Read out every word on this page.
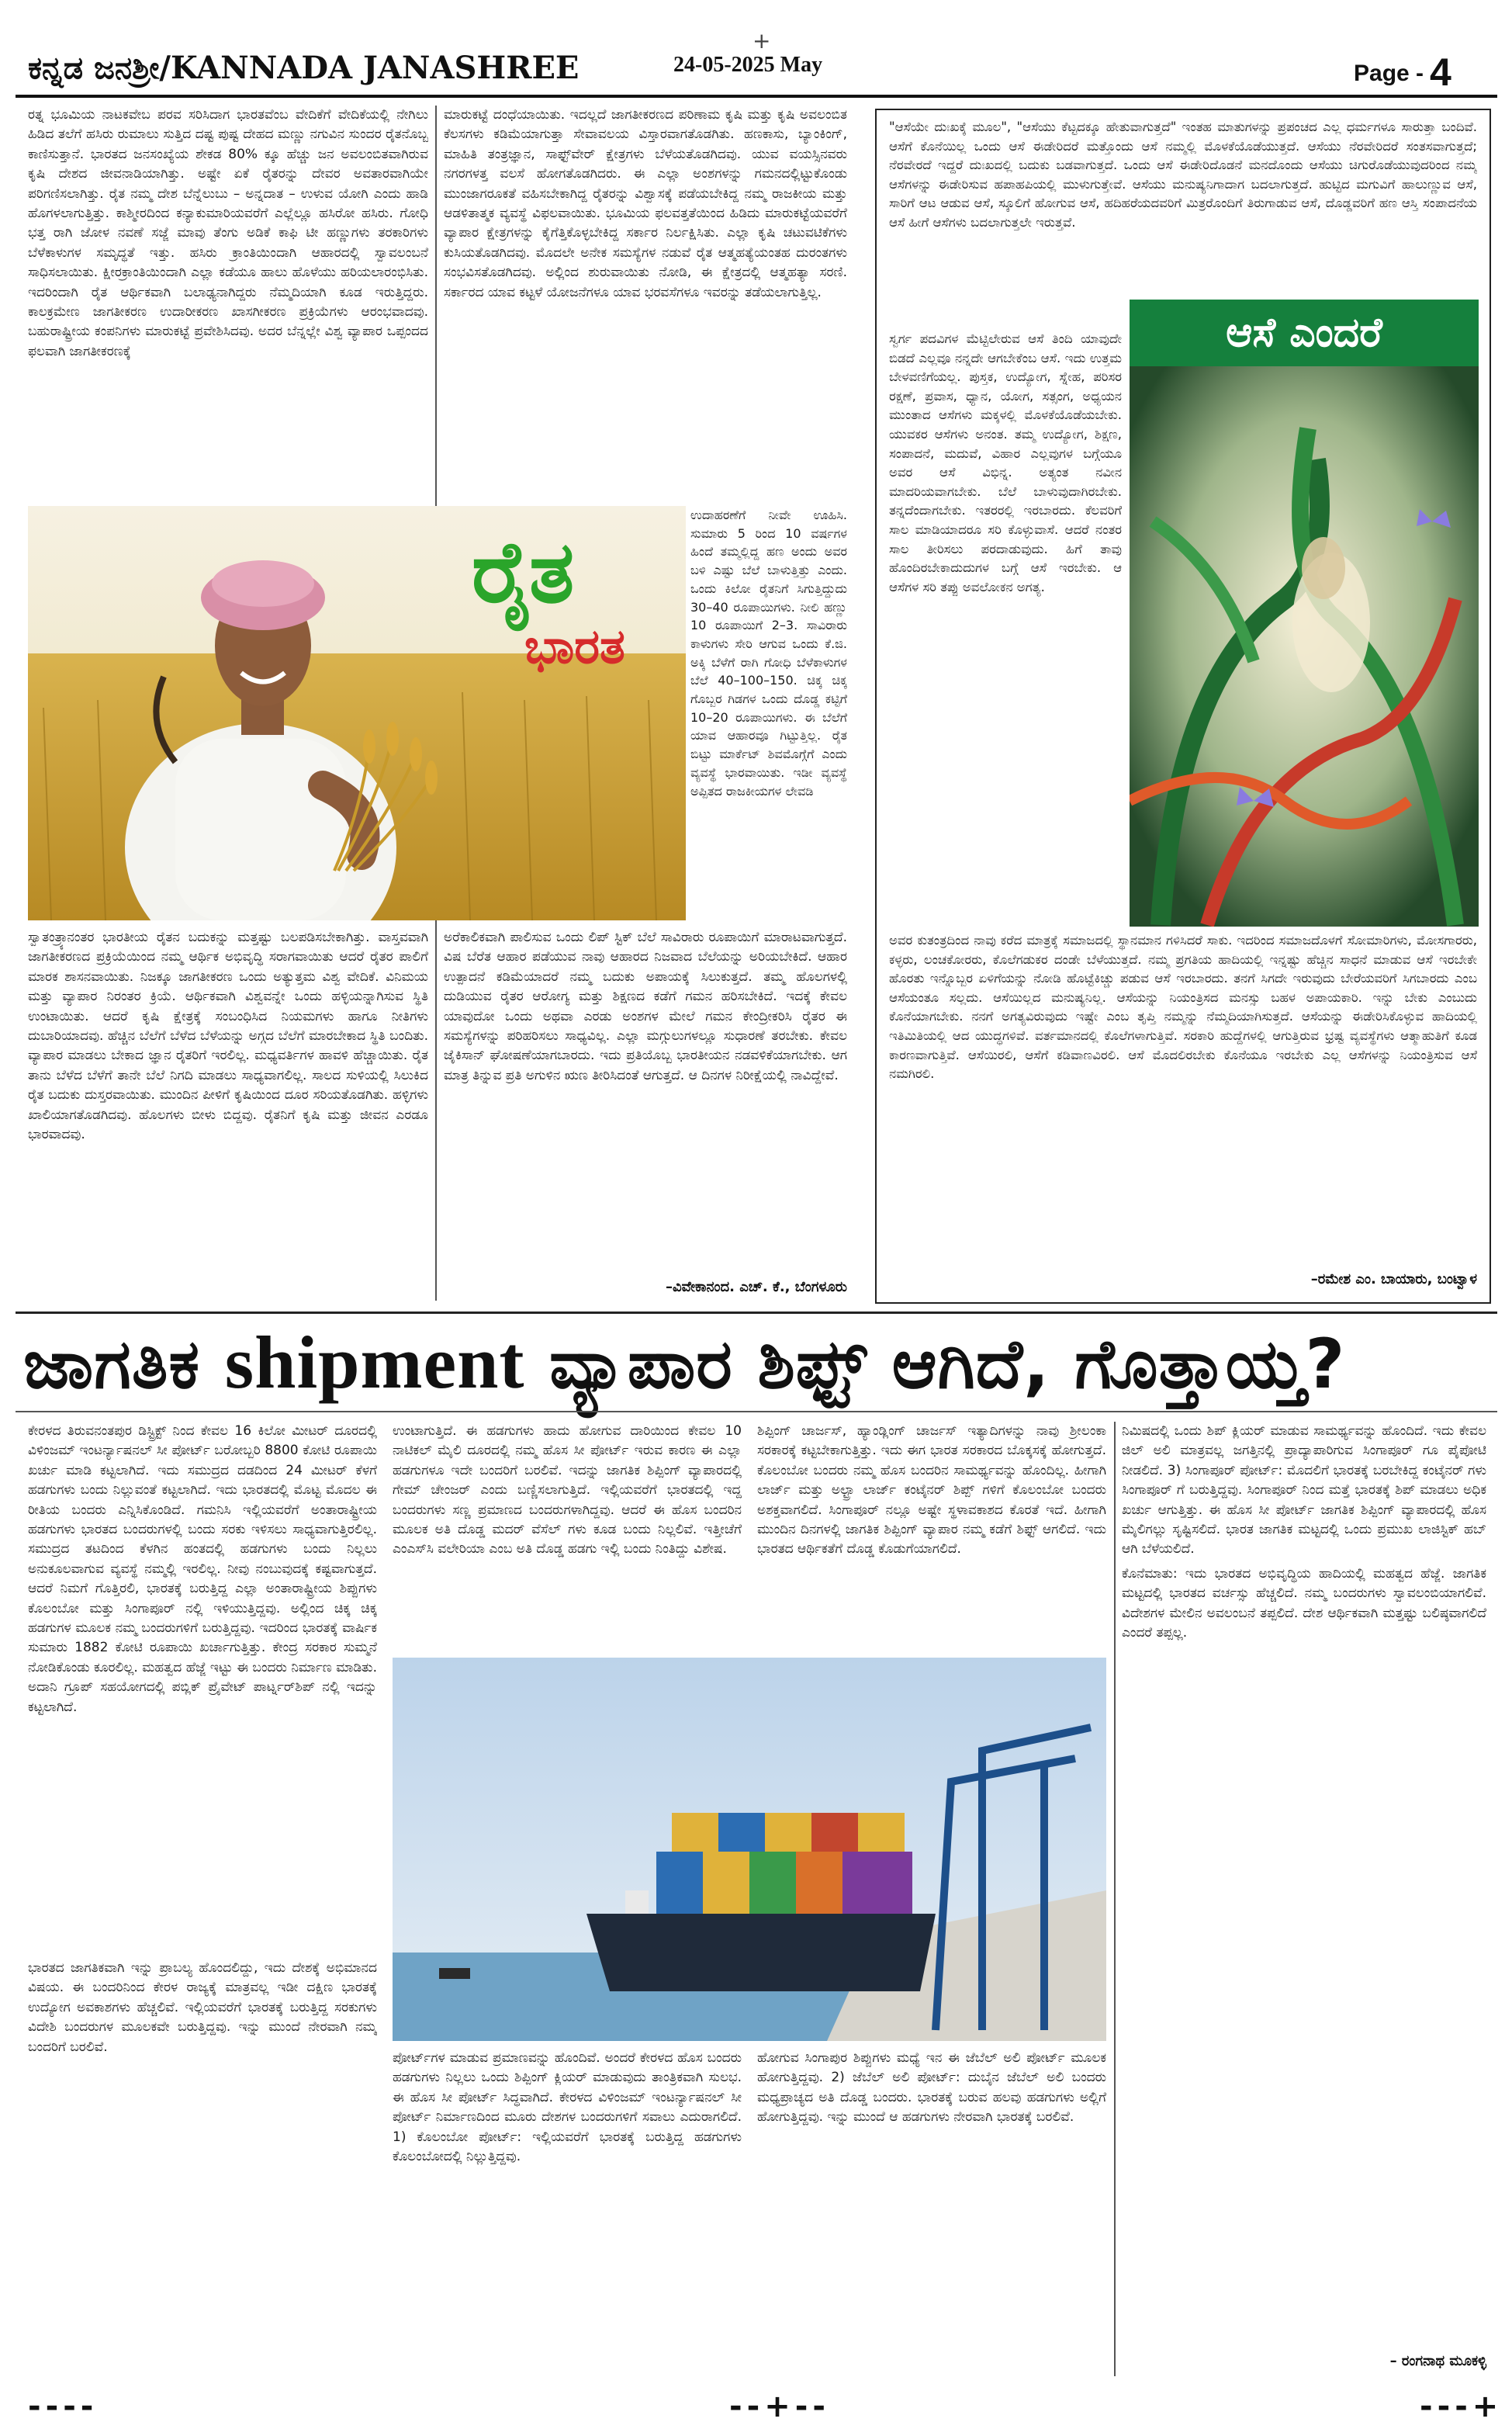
+
ಕನ್ನಡ ಜನಶ್ರೀ/KANNADA JANASHREE	24-05-2025 May	Page - 4

ರತ್ನ ಭೂಮಿಯ ನಾಟಕವೇಬ ಪರವ ಸರಿಸಿದಾಗ ಭಾರತವೆಂಬ ವೇದಿಕೆಗೆ ವೇದಿಕೆಯಲ್ಲಿ ನೇಗಿಲು ಹಿಡಿದ ತಲೆಗೆ ಹಸಿರು ರುಮಾಲು ಸುತ್ತಿದ ದಷ್ಟ ಪುಷ್ಟ ದೇಹದ ಮಣ್ಣು ನಗುವಿನ ಸುಂದರ ರೈತನೊಬ್ಬ ಕಾಣಿಸುತ್ತಾನೆ. ಭಾರತದ ಜನಸಂಖ್ಯೆಯ ಶೇಕಡ 80% ಕ್ಕೂ ಹೆಚ್ಚು ಜನ ಅವಲಂಬಿತವಾಗಿರುವ ಕೃಷಿ ದೇಶದ ಜೀವನಾಡಿಯಾಗಿತ್ತು. ಅಷ್ಟೇ ಏಕೆ ರೈತರನ್ನು ದೇವರ ಅವತಾರವಾಗಿಯೇ ಪರಿಗಣಿಸಲಾಗಿತ್ತು. ರೈತ ನಮ್ಮ ದೇಶ ಬೆನ್ನೆಲುಬು – ಅನ್ನದಾತ – ಉಳುವ ಯೋಗಿ ಎಂದು ಹಾಡಿ ಹೊಗಳಲಾಗುತ್ತಿತ್ತು. ಕಾಶ್ಮೀರದಿಂದ ಕನ್ಯಾಕುಮಾರಿಯವರೆಗೆ ಎಲ್ಲೆಲ್ಲೂ ಹಸಿರೋ ಹಸಿರು. ಗೋಧಿ ಭತ್ತ ರಾಗಿ ಜೋಳ ನವಣೆ ಸಜ್ಜೆ ಮಾವು ತೆಂಗು ಅಡಿಕೆ ಕಾಫಿ ಟೀ ಹಣ್ಣುಗಳು ತರಕಾರಿಗಳು ಬೆಳೆಕಾಳುಗಳ ಸಮೃದ್ಧತೆ ಇತ್ತು. ಹಸಿರು ಕ್ರಾಂತಿಯಿಂದಾಗಿ ಆಹಾರದಲ್ಲಿ ಸ್ವಾವಲಂಬನೆ ಸಾಧಿಸಲಾಯಿತು. ಕ್ಷೀರಕ್ರಾಂತಿಯಿಂದಾಗಿ ಎಲ್ಲಾ ಕಡೆಯೂ ಹಾಲು ಹೊಳೆಯು ಹರಿಯಲಾರಂಭಿಸಿತು. ಇದರಿಂದಾಗಿ ರೈತ ಆರ್ಥಿಕವಾಗಿ ಬಲಾಢ್ಯನಾಗಿದ್ದರು ನೆಮ್ಮದಿಯಾಗಿ ಕೂಡ ಇರುತ್ತಿದ್ದರು. ಕಾಲಕ್ರಮೇಣ ಜಾಗತೀಕರಣ ಉದಾರೀಕರಣ ಖಾಸಗೀಕರಣ ಪ್ರಕ್ರಿಯೆಗಳು ಆರಂಭವಾದವು. ಬಹುರಾಷ್ಟ್ರೀಯ ಕಂಪನಿಗಳು ಮಾರುಕಟ್ಟೆ ಪ್ರವೇಶಿಸಿದವು. ಅದರ ಬೆನ್ನಲ್ಲೇ ವಿಶ್ವ ವ್ಯಾಪಾರ ಒಪ್ಪಂದದ ಫಲವಾಗಿ ಜಾಗತೀಕರಣಕ್ಕೆ

ಮಾರುಕಟ್ಟೆ ದಂಧೆಯಾಯಿತು. ಇದಲ್ಲದೆ ಜಾಗತೀಕರಣದ ಪರಿಣಾಮ ಕೃಷಿ ಮತ್ತು ಕೃಷಿ ಅವಲಂಬಿತ ಕೆಲಸಗಳು ಕಡಿಮೆಯಾಗುತ್ತಾ ಸೇವಾವಲಯ ವಿಸ್ತಾರವಾಗತೊಡಗಿತು. ಹಣಕಾಸು, ಬ್ಯಾಂಕಿಂಗ್, ಮಾಹಿತಿ ತಂತ್ರಜ್ಞಾನ, ಸಾಫ್ಟ್‌ವೇರ್ ಕ್ಷೇತ್ರಗಳು ಬೆಳೆಯತೊಡಗಿದವು. ಯುವ ವಯಸ್ಸಿನವರು ನಗರಗಳತ್ತ ವಲಸೆ ಹೋಗತೊಡಗಿದರು. ಈ ಎಲ್ಲಾ ಅಂಶಗಳನ್ನು ಗಮನದಲ್ಲಿಟ್ಟುಕೊಂಡು ಮುಂಜಾಗರೂಕತೆ ವಹಿಸಬೇಕಾಗಿದ್ದ ರೈತರನ್ನು ವಿಶ್ವಾಸಕ್ಕೆ ಪಡೆಯಬೇಕಿದ್ದ ನಮ್ಮ ರಾಜಕೀಯ ಮತ್ತು ಆಡಳಿತಾತ್ಮಕ ವ್ಯವಸ್ಥೆ ವಿಫಲವಾಯಿತು. ಭೂಮಿಯ ಫಲವತ್ತತೆಯಿಂದ ಹಿಡಿದು ಮಾರುಕಟ್ಟೆಯವರೆಗೆ ವ್ಯಾಪಾರ ಕ್ಷೇತ್ರಗಳನ್ನು ಕೈಗೆತ್ತಿಕೊಳ್ಳಬೇಕಿದ್ದ ಸರ್ಕಾರ ನಿರ್ಲಕ್ಷಿಸಿತು. ಎಲ್ಲಾ ಕೃಷಿ ಚಟುವಟಿಕೆಗಳು ಕುಸಿಯತೊಡಗಿದವು. ಮೊದಲೇ ಅನೇಕ ಸಮಸ್ಯೆಗಳ ನಡುವೆ ರೈತ ಆತ್ಮಹತ್ಯೆಯಂತಹ ದುರಂತಗಳು ಸಂಭವಿಸತೊಡಗಿದವು. ಅಲ್ಲಿಂದ ಶುರುವಾಯಿತು ನೋಡಿ, ಈ ಕ್ಷೇತ್ರದಲ್ಲಿ ಆತ್ಮಹತ್ಯಾ ಸರಣಿ. ಸರ್ಕಾರದ ಯಾವ ಕಟ್ಟಳೆ ಯೋಜನೆಗಳೂ ಯಾವ ಭರವಸೆಗಳೂ ಇವರನ್ನು ತಡೆಯಲಾಗುತ್ತಿಲ್ಲ.

ರೈತ
ಭಾರತ

ಉದಾಹರಣೆಗೆ ನೀವೇ ಊಹಿಸಿ. ಸುಮಾರು 5 ರಿಂದ 10 ವರ್ಷಗಳ ಹಿಂದೆ ತಮ್ಮಲ್ಲಿದ್ದ ಹಣ ಅಂದು ಅವರ ಬಳಿ ಎಷ್ಟು ಬೆಲೆ ಬಾಳುತ್ತಿತ್ತು ಎಂದು. ಒಂದು ಕಿಲೋ ರೈತನಿಗೆ ಸಿಗುತ್ತಿದ್ದುದು 30–40 ರೂಪಾಯಿಗಳು. ನೀಲಿ ಹಣ್ಣು 10 ರೂಪಾಯಿಗೆ 2–3. ಸಾವಿರಾರು ಕಾಳುಗಳು ಸೇರಿ ಆಗುವ ಒಂದು ಕೆ.ಜಿ. ಅಕ್ಕಿ ಬೆಳೆಗೆ ರಾಗಿ ಗೋಧಿ ಬೆಳೆಕಾಳುಗಳ ಬೆಲೆ 40–100–150. ಚಿಕ್ಕ ಚಿಕ್ಕ ಗೊಬ್ಬರ ಗಿಡಗಳ ಒಂದು ದೊಡ್ಡ ಕಟ್ಟಿಗೆ 10–20 ರೂಪಾಯಿಗಳು. ಈ ಬೆಲೆಗೆ ಯಾವ ಆಹಾರವೂ ಗಿಟ್ಟುತ್ತಿಲ್ಲ. ರೈತ ಬಿಟ್ಟು ಮಾರ್ಕೆಟ್ ಶಿವಮೊಗ್ಗೆಗೆ ಎಂದು ವ್ಯವಸ್ಥೆ ಭಾರವಾಯಿತು. ಇಡೀ ವ್ಯವಸ್ಥೆ ಅಪ್ಪಿತದ ರಾಜಕೀಯಗಳ ಲೇವಡಿ

ಸ್ವಾತಂತ್ರ್ಯಾನಂತರ ಭಾರತೀಯ ರೈತನ ಬದುಕನ್ನು ಮತ್ತಷ್ಟು ಬಲಪಡಿಸಬೇಕಾಗಿತ್ತು. ವಾಸ್ತವವಾಗಿ ಜಾಗತೀಕರಣದ ಪ್ರಕ್ರಿಯೆಯಿಂದ ನಮ್ಮ ಆರ್ಥಿಕ ಅಭಿವೃದ್ಧಿ ಸರಾಗವಾಯಿತು ಆದರೆ ರೈತರ ಪಾಲಿಗೆ ಮಾರಕ ಶಾಸನವಾಯಿತು. ನಿಜಕ್ಕೂ ಜಾಗತೀಕರಣ ಒಂದು ಅತ್ಯುತ್ತಮ ವಿಶ್ವ ವೇದಿಕೆ. ವಿನಿಮಯ ಮತ್ತು ವ್ಯಾಪಾರ ನಿರಂತರ ಕ್ರಿಯೆ. ಆರ್ಥಿಕವಾಗಿ ವಿಶ್ವವನ್ನೇ ಒಂದು ಹಳ್ಳಿಯನ್ನಾಗಿಸುವ ಸ್ಥಿತಿ ಉಂಟಾಯಿತು. ಆದರೆ ಕೃಷಿ ಕ್ಷೇತ್ರಕ್ಕೆ ಸಂಬಂಧಿಸಿದ ನಿಯಮಗಳು ಹಾಗೂ ನೀತಿಗಳು ದುಬಾರಿಯಾದವು. ಹೆಚ್ಚಿನ ಬೆಲೆಗೆ ಬೆಳೆದ ಬೆಳೆಯನ್ನು ಅಗ್ಗದ ಬೆಲೆಗೆ ಮಾರಬೇಕಾದ ಸ್ಥಿತಿ ಬಂದಿತು. ವ್ಯಾಪಾರ ಮಾಡಲು ಬೇಕಾದ ಜ್ಞಾನ ರೈತರಿಗೆ ಇರಲಿಲ್ಲ. ಮಧ್ಯವರ್ತಿಗಳ ಹಾವಳಿ ಹೆಚ್ಚಾಯಿತು. ರೈತ ತಾನು ಬೆಳೆದ ಬೆಳೆಗೆ ತಾನೇ ಬೆಲೆ ನಿಗದಿ ಮಾಡಲು ಸಾಧ್ಯವಾಗಲಿಲ್ಲ. ಸಾಲದ ಸುಳಿಯಲ್ಲಿ ಸಿಲುಕಿದ ರೈತ ಬದುಕು ದುಸ್ತರವಾಯಿತು. ಮುಂದಿನ ಪೀಳಿಗೆ ಕೃಷಿಯಿಂದ ದೂರ ಸರಿಯತೊಡಗಿತು. ಹಳ್ಳಿಗಳು ಖಾಲಿಯಾಗತೊಡಗಿದವು. ಹೊಲಗಳು ಬೀಳು ಬಿದ್ದವು. ರೈತನಿಗೆ ಕೃಷಿ ಮತ್ತು ಜೀವನ ಎರಡೂ ಭಾರವಾದವು.

ಅರೆಕಾಲಿಕವಾಗಿ ಪಾಲಿಸುವ ಒಂದು ಲಿಪ್ ಸ್ಟಿಕ್ ಬೆಲೆ ಸಾವಿರಾರು ರೂಪಾಯಿಗೆ ಮಾರಾಟವಾಗುತ್ತದೆ. ವಿಷ ಬೆರೆತ ಆಹಾರ ಪಡೆಯುವ ನಾವು ಆಹಾರದ ನಿಜವಾದ ಬೆಲೆಯನ್ನು ಅರಿಯಬೇಕಿದೆ. ಆಹಾರ ಉತ್ಪಾದನೆ ಕಡಿಮೆಯಾದರೆ ನಮ್ಮ ಬದುಕು ಅಪಾಯಕ್ಕೆ ಸಿಲುಕುತ್ತದೆ. ತಮ್ಮ ಹೊಲಗಳಲ್ಲಿ ದುಡಿಯುವ ರೈತರ ಆರೋಗ್ಯ ಮತ್ತು ಶಿಕ್ಷಣದ ಕಡೆಗೆ ಗಮನ ಹರಿಸಬೇಕಿದೆ. ಇದಕ್ಕೆ ಕೇವಲ ಯಾವುದೋ ಒಂದು ಅಥವಾ ಎರಡು ಅಂಶಗಳ ಮೇಲೆ ಗಮನ ಕೇಂದ್ರೀಕರಿಸಿ ರೈತರ ಈ ಸಮಸ್ಯೆಗಳನ್ನು ಪರಿಹರಿಸಲು ಸಾಧ್ಯವಿಲ್ಲ. ಎಲ್ಲಾ ಮಗ್ಗುಲುಗಳಲ್ಲೂ ಸುಧಾರಣೆ ತರಬೇಕು. ಕೇವಲ ಜೈಕಿಸಾನ್ ಘೋಷಣೆಯಾಗಬಾರದು. ಇದು ಪ್ರತಿಯೊಬ್ಬ ಭಾರತೀಯನ ನಡವಳಿಕೆಯಾಗಬೇಕು. ಆಗ ಮಾತ್ರ ತಿನ್ನುವ ಪ್ರತಿ ಅಗುಳಿನ ಋಣ ತೀರಿಸಿದಂತೆ ಆಗುತ್ತದೆ. ಆ ದಿನಗಳ ನಿರೀಕ್ಷೆಯಲ್ಲಿ ನಾವಿದ್ದೇವೆ.

–ವಿವೇಕಾನಂದ. ಎಚ್. ಕೆ., ಬೆಂಗಳೂರು

"ಆಸೆಯೇ ದುಃಖಕ್ಕೆ ಮೂಲ", "ಆಸೆಯು ಕೆಟ್ಟದಕ್ಕೂ ಹೇತುವಾಗುತ್ತದೆ" ಇಂತಹ ಮಾತುಗಳನ್ನು ಪ್ರಪಂಚದ ಎಲ್ಲ ಧರ್ಮಗಳೂ ಸಾರುತ್ತಾ ಬಂದಿವೆ. ಆಸೆಗೆ ಕೊನೆಯಿಲ್ಲ ಒಂದು ಆಸೆ ಈಡೇರಿದರೆ ಮತ್ತೊಂದು ಆಸೆ ನಮ್ಮಲ್ಲಿ ಮೊಳಕೆಯೊಡೆಯುತ್ತದೆ. ಆಸೆಯು ನೆರವೇರಿದರೆ ಸಂತಸವಾಗುತ್ತದೆ; ನೆರವೇರದೆ ಇದ್ದರೆ ದುಃಖದಲ್ಲಿ ಬದುಕು ಬಡವಾಗುತ್ತದೆ. ಒಂದು ಆಸೆ ಈಡೇರಿದೊಡನೆ ಮನದೊಂದು ಆಸೆಯು ಚಿಗುರೊಡೆಯುವುದರಿಂದ ನಮ್ಮ ಆಸೆಗಳನ್ನು ಈಡೇರಿಸುವ ಹಪಾಹಪಿಯಲ್ಲಿ ಮುಳುಗುತ್ತೇವೆ. ಆಸೆಯು ಮನುಷ್ಯನಿಗಾದಾಗ ಬದಲಾಗುತ್ತದೆ. ಹುಟ್ಟಿದ ಮಗುವಿಗೆ ಹಾಲುಣ್ಣುವ ಆಸೆ, ಸಾರಿಗೆ ಆಟ ಆಡುವ ಆಸೆ, ಸ್ಕೂಲಿಗೆ ಹೋಗುವ ಆಸೆ, ಹದಿಹರೆಯದವರಿಗೆ ಮಿತ್ರರೊಂದಿಗೆ ತಿರುಗಾಡುವ ಆಸೆ, ದೊಡ್ಡವರಿಗೆ ಹಣ ಆಸ್ತಿ ಸಂಪಾದನೆಯ ಆಸೆ ಹೀಗೆ ಆಸೆಗಳು ಬದಲಾಗುತ್ತಲೇ ಇರುತ್ತವೆ.

ಸ್ವರ್ಗ ಪದವಿಗಳ ಮೆಟ್ಟಿಲೇರುವ ಆಸೆ ತಿಂದಿ ಯಾವುದೇ ಬಿಡದೆ ಎಲ್ಲವೂ ನನ್ನದೇ ಆಗಬೇಕೆಂಬ ಆಸೆ. ಇದು ಉತ್ತಮ ಬೇಳವಣಿಗೆಯಲ್ಲ. ಪುಸ್ತಕ, ಉದ್ಯೋಗ, ಸ್ನೇಹ, ಪರಿಸರ ರಕ್ಷಣೆ, ಪ್ರವಾಸ, ಧ್ಯಾನ, ಯೋಗ, ಸತ್ಸಂಗ, ಅಧ್ಯಯನ ಮುಂತಾದ ಆಸೆಗಳು ಮಕ್ಕಳಲ್ಲಿ ಮೊಳಕೆಯೊಡೆಯಬೇಕು. ಯುವಕರ ಆಸೆಗಳು ಅನಂತ. ತಮ್ಮ ಉದ್ಯೋಗ, ಶಿಕ್ಷಣ, ಸಂಪಾದನೆ, ಮದುವೆ, ವಿಹಾರ ಎಲ್ಲವುಗಳ ಬಗ್ಗೆಯೂ ಅವರ ಆಸೆ ವಿಭಿನ್ನ. ಅತ್ಯಂತ ನವೀನ ಮಾದರಿಯವಾಗಬೇಕು. ಬೆಲೆ ಬಾಳುವುದಾಗಿರಬೇಕು. ತನ್ನದೆಂದಾಗಬೇಕು. ಇತರರಲ್ಲಿ ಇರಬಾರದು. ಕೆಲವರಿಗೆ ಸಾಲ ಮಾಡಿಯಾದರೂ ಸರಿ ಕೊಳ್ಳುವಾಸೆ. ಆದರೆ ನಂತರ ಸಾಲ ತೀರಿಸಲು ಪರದಾಡುವುದು. ಹಿಗೆ ತಾವು ಹೊಂದಿರಬೇಕಾದುದುಗಳ ಬಗ್ಗೆ ಆಸೆ ಇರಬೇಕು. ಆ ಆಸೆಗಳ ಸರಿ ತಪ್ಪು ಅವಲೋಕನ ಅಗತ್ಯ.

ಆಸೆ ಎಂದರೆ

ಅವರ ಕುತಂತ್ರದಿಂದ ನಾವು ಕರೆದ ಮಾತ್ರಕ್ಕೆ ಸಮಾಜದಲ್ಲಿ ಸ್ಥಾನಮಾನ ಗಳಿಸಿದರೆ ಸಾಕು. ಇದರಿಂದ ಸಮಾಜದೊಳಗೆ ಸೋಮಾರಿಗಳು, ಮೋಸಗಾರರು, ಕಳ್ಳರು, ಲಂಚಕೋರರು, ಕೊಲೆಗಡುಕರ ದಂಡೇ ಬೆಳೆಯುತ್ತದೆ. ನಮ್ಮ ಪ್ರಗತಿಯ ಹಾದಿಯಲ್ಲಿ ಇನ್ನಷ್ಟು ಹೆಚ್ಚಿನ ಸಾಧನೆ ಮಾಡುವ ಆಸೆ ಇರಬೇಕೇ ಹೊರತು ಇನ್ನೊಬ್ಬರ ಏಳಿಗೆಯನ್ನು ನೋಡಿ ಹೊಟ್ಟೆಕಿಚ್ಚು ಪಡುವ ಆಸೆ ಇರಬಾರದು. ತನಗೆ ಸಿಗದೇ ಇರುವುದು ಬೇರೆಯವರಿಗೆ ಸಿಗಬಾರದು ಎಂಬ ಆಸೆಯಂತೂ ಸಲ್ಲದು. ಆಸೆಯಿಲ್ಲದ ಮನುಷ್ಯನಿಲ್ಲ. ಆಸೆಯನ್ನು ನಿಯಂತ್ರಿಸದ ಮನಸ್ಸು ಬಹಳ ಅಪಾಯಕಾರಿ. ಇನ್ನು ಬೇಕು ಎಂಬುದು ಕೊನೆಯಾಗಬೇಕು. ನನಗೆ ಅಗತ್ಯವಿರುವುದು ಇಷ್ಟೇ ಎಂಬ ತೃಪ್ತಿ ನಮ್ಮನ್ನು ನೆಮ್ಮದಿಯಾಗಿಸುತ್ತದೆ. ಆಸೆಯನ್ನು ಈಡೇರಿಸಿಕೊಳ್ಳುವ ಹಾದಿಯಲ್ಲಿ ಇತಿಮಿತಿಯಲ್ಲಿ ಆದ ಯುದ್ಧಗಳಿವೆ. ವರ್ತಮಾನದಲ್ಲಿ ಕೊಲೆಗಳಾಗುತ್ತಿವೆ. ಸರಕಾರಿ ಹುದ್ದೆಗಳಲ್ಲಿ ಆಗುತ್ತಿರುವ ಭ್ರಷ್ಟ ವ್ಯವಸ್ಥೆಗಳು ಆತ್ಮಾಹುತಿಗೆ ಕೂಡ ಕಾರಣವಾಗುತ್ತಿವೆ. ಆಸೆಯಿರಲಿ, ಆಸೆಗೆ ಕಡಿವಾಣವಿರಲಿ. ಆಸೆ ಮೊದಲಿರಬೇಕು ಕೊನೆಯೂ ಇರಬೇಕು ಎಲ್ಲ ಆಸೆಗಳನ್ನು ನಿಯಂತ್ರಿಸುವ ಆಸೆ ನಮಗಿರಲಿ.

–ರಮೇಶ ಎಂ. ಬಾಯಾರು, ಬಂಟ್ವಾಳ
ಜಾಗತಿಕ shipment ವ್ಯಾಪಾರ ಶಿಫ್ಟ್ ಆಗಿದೆ, ಗೊತ್ತಾಯ್ತ?

ಕೇರಳದ ತಿರುವನಂತಪುರ ಡಿಸ್ಟ್ರಿಕ್ಟ್ ನಿಂದ ಕೇವಲ 16 ಕಿಲೋ ಮೀಟರ್ ದೂರದಲ್ಲಿ ವಿಳಿಂಜಮ್ ಇಂಟರ್ನ್ಯಾಷನಲ್ ಸೀ ಪೋರ್ಟ್ ಬರೋಬ್ಬರಿ 8800 ಕೋಟಿ ರೂಪಾಯಿ ಖರ್ಚು ಮಾಡಿ ಕಟ್ಟಲಾಗಿದೆ. ಇದು ಸಮುದ್ರದ ದಡದಿಂದ 24 ಮೀಟರ್ ಕೆಳಗೆ ಹಡಗುಗಳು ಬಂದು ನಿಲ್ಲುವಂತೆ ಕಟ್ಟಲಾಗಿದೆ. ಇದು ಭಾರತದಲ್ಲಿ ಮೊಟ್ಟ ಮೊದಲ ಈ ರೀತಿಯ ಬಂದರು ಎನ್ನಿಸಿಕೊಂಡಿದೆ. ಗಮನಿಸಿ ಇಲ್ಲಿಯವರೆಗೆ ಅಂತಾರಾಷ್ಟ್ರೀಯ ಹಡಗುಗಳು ಭಾರತದ ಬಂದರುಗಳಲ್ಲಿ ಬಂದು ಸರಕು ಇಳಿಸಲು ಸಾಧ್ಯವಾಗುತ್ತಿರಲಿಲ್ಲ. ಸಮುದ್ರದ ತಟದಿಂದ ಕೆಳಗಿನ ಹಂತದಲ್ಲಿ ಹಡಗುಗಳು ಬಂದು ನಿಲ್ಲಲು ಅನುಕೂಲವಾಗುವ ವ್ಯವಸ್ಥೆ ನಮ್ಮಲ್ಲಿ ಇರಲಿಲ್ಲ. ನೀವು ನಂಬುವುದಕ್ಕೆ ಕಷ್ಟವಾಗುತ್ತದೆ. ಆದರೆ ನಿಮಗೆ ಗೊತ್ತಿರಲಿ, ಭಾರತಕ್ಕೆ ಬರುತ್ತಿದ್ದ ಎಲ್ಲಾ ಅಂತಾರಾಷ್ಟ್ರೀಯ ಶಿಪ್ಪುಗಳು ಕೊಲಂಬೋ ಮತ್ತು ಸಿಂಗಾಪೂರ್ ನಲ್ಲಿ ಇಳಿಯುತ್ತಿದ್ದವು. ಅಲ್ಲಿಂದ ಚಿಕ್ಕ ಚಿಕ್ಕ ಹಡಗುಗಳ ಮೂಲಕ ನಮ್ಮ ಬಂದರುಗಳಿಗೆ ಬರುತ್ತಿದ್ದವು. ಇದರಿಂದ ಭಾರತಕ್ಕೆ ವಾರ್ಷಿಕ ಸುಮಾರು 1882 ಕೋಟಿ ರೂಪಾಯಿ ಖರ್ಚಾಗುತ್ತಿತ್ತು. ಕೇಂದ್ರ ಸರಕಾರ ಸುಮ್ಮನೆ ನೋಡಿಕೊಂಡು ಕೂರಲಿಲ್ಲ. ಮಹತ್ವದ ಹೆಜ್ಜೆ ಇಟ್ಟು ಈ ಬಂದರು ನಿರ್ಮಾಣ ಮಾಡಿತು. ಅದಾನಿ ಗ್ರೂಪ್ ಸಹಯೋಗದಲ್ಲಿ ಪಬ್ಲಿಕ್ ಪ್ರೈವೇಟ್ ಪಾರ್ಟ್ನರ್‌ಶಿಪ್ ನಲ್ಲಿ ಇದನ್ನು ಕಟ್ಟಲಾಗಿದೆ.

ಉಂಟಾಗುತ್ತಿದೆ. ಈ ಹಡಗುಗಳು ಹಾದು ಹೋಗುವ ದಾರಿಯಿಂದ ಕೇವಲ 10 ನಾಟಿಕಲ್ ಮೈಲಿ ದೂರದಲ್ಲಿ ನಮ್ಮ ಹೊಸ ಸೀ ಪೋರ್ಟ್ ಇರುವ ಕಾರಣ ಈ ಎಲ್ಲಾ ಹಡಗುಗಳೂ ಇದೇ ಬಂದರಿಗೆ ಬರಲಿವೆ. ಇದನ್ನು ಜಾಗತಿಕ ಶಿಪ್ಪಿಂಗ್ ವ್ಯಾಪಾರದಲ್ಲಿ ಗೇಮ್ ಚೇಂಜರ್ ಎಂದು ಬಣ್ಣಿಸಲಾಗುತ್ತಿದೆ. ಇಲ್ಲಿಯವರೆಗೆ ಭಾರತದಲ್ಲಿ ಇದ್ದ ಬಂದರುಗಳು ಸಣ್ಣ ಪ್ರಮಾಣದ ಬಂದರುಗಳಾಗಿದ್ದವು. ಆದರೆ ಈ ಹೊಸ ಬಂದರಿನ ಮೂಲಕ ಅತಿ ದೊಡ್ಡ ಮದರ್ ವೆಸೆಲ್ ಗಳು ಕೂಡ ಬಂದು ನಿಲ್ಲಲಿವೆ. ಇತ್ತೀಚೆಗೆ ಎಂಎಸ್‌ಸಿ ವಲೇರಿಯಾ ಎಂಬ ಅತಿ ದೊಡ್ಡ ಹಡಗು ಇಲ್ಲಿ ಬಂದು ನಿಂತಿದ್ದು ವಿಶೇಷ.

ಶಿಪ್ಪಿಂಗ್ ಚಾರ್ಜಸ್, ಹ್ಯಾಂಡ್ಲಿಂಗ್ ಚಾರ್ಜಸ್ ಇತ್ಯಾದಿಗಳನ್ನು ನಾವು ಶ್ರೀಲಂಕಾ ಸರಕಾರಕ್ಕೆ ಕಟ್ಟಬೇಕಾಗುತ್ತಿತ್ತು. ಇದು ಈಗ ಭಾರತ ಸರಕಾರದ ಬೊಕ್ಕಸಕ್ಕೆ ಹೋಗುತ್ತದೆ. ಕೊಲಂಬೋ ಬಂದರು ನಮ್ಮ ಹೊಸ ಬಂದರಿನ ಸಾಮರ್ಥ್ಯವನ್ನು ಹೊಂದಿಲ್ಲ. ಹೀಗಾಗಿ ಲಾರ್ಜ್ ಮತ್ತು ಅಲ್ಟ್ರಾ ಲಾರ್ಜ್ ಕಂಟೈನರ್ ಶಿಪ್ಪ್ ಗಳಿಗೆ ಕೊಲಂಬೋ ಬಂದರು ಅಶಕ್ತವಾಗಲಿದೆ. ಸಿಂಗಾಪೂರ್ ನಲ್ಲೂ ಅಷ್ಟೇ ಸ್ಥಳಾವಕಾಶದ ಕೊರತೆ ಇದೆ. ಹೀಗಾಗಿ ಮುಂದಿನ ದಿನಗಳಲ್ಲಿ ಜಾಗತಿಕ ಶಿಪ್ಪಿಂಗ್ ವ್ಯಾಪಾರ ನಮ್ಮ ಕಡೆಗೆ ಶಿಫ್ಟ್ ಆಗಲಿದೆ. ಇದು ಭಾರತದ ಆರ್ಥಿಕತೆಗೆ ದೊಡ್ಡ ಕೊಡುಗೆಯಾಗಲಿದೆ.

ನಿಮಿಷದಲ್ಲಿ ಒಂದು ಶಿಪ್ ಕ್ಲಿಯರ್ ಮಾಡುವ ಸಾಮರ್ಥ್ಯವನ್ನು ಹೊಂದಿದೆ. ಇದು ಕೇವಲ ಜಿಲ್ ಅಲಿ ಮಾತ್ರವಲ್ಲ ಜಗತ್ತಿನಲ್ಲಿ ಪ್ರಾದ್ಯಾಪಾರಿಗುವ ಸಿಂಗಾಪೂರ್ ಗೂ ಪೈಪೋಟಿ ನೀಡಲಿದೆ. 3) ಸಿಂಗಾಪೂರ್ ಪೋರ್ಟ್: ಮೊದಲಿಗೆ ಭಾರತಕ್ಕೆ ಬರಬೇಕಿದ್ದ ಕಂಟೈನರ್ ಗಳು ಸಿಂಗಾಪೂರ್ ಗೆ ಬರುತ್ತಿದ್ದವು. ಸಿಂಗಾಪೂರ್ ನಿಂದ ಮತ್ತೆ ಭಾರತಕ್ಕೆ ಶಿಪ್ ಮಾಡಲು ಅಧಿಕ ಖರ್ಚು ಆಗುತ್ತಿತ್ತು. ಈ ಹೊಸ ಸೀ ಪೋರ್ಟ್ ಜಾಗತಿಕ ಶಿಪ್ಪಿಂಗ್ ವ್ಯಾಪಾರದಲ್ಲಿ ಹೊಸ ಮೈಲಿಗಲ್ಲು ಸೃಷ್ಟಿಸಲಿದೆ. ಭಾರತ ಜಾಗತಿಕ ಮಟ್ಟದಲ್ಲಿ ಒಂದು ಪ್ರಮುಖ ಲಾಜಿಸ್ಟಿಕ್ ಹಬ್ ಆಗಿ ಬೆಳೆಯಲಿದೆ.

ಕೊನೆಮಾತು: ಇದು ಭಾರತದ ಅಭಿವೃದ್ಧಿಯ ಹಾದಿಯಲ್ಲಿ ಮಹತ್ವದ ಹೆಜ್ಜೆ. ಜಾಗತಿಕ ಮಟ್ಟದಲ್ಲಿ ಭಾರತದ ವರ್ಚಸ್ಸು ಹೆಚ್ಚಲಿದೆ. ನಮ್ಮ ಬಂದರುಗಳು ಸ್ವಾವಲಂಬಿಯಾಗಲಿವೆ. ವಿದೇಶಗಳ ಮೇಲಿನ ಅವಲಂಬನೆ ತಪ್ಪಲಿದೆ. ದೇಶ ಆರ್ಥಿಕವಾಗಿ ಮತ್ತಷ್ಟು ಬಲಿಷ್ಠವಾಗಲಿದೆ ಎಂದರೆ ತಪ್ಪಲ್ಲ.

ಭಾರತದ ಜಾಗತಿಕವಾಗಿ ಇನ್ನು ಪ್ರಾಬಲ್ಯ ಹೊಂದಲಿದ್ದು, ಇದು ದೇಶಕ್ಕೆ ಅಭಿಮಾನದ ವಿಷಯ. ಈ ಬಂದರಿನಿಂದ ಕೇರಳ ರಾಜ್ಯಕ್ಕೆ ಮಾತ್ರವಲ್ಲ ಇಡೀ ದಕ್ಷಿಣ ಭಾರತಕ್ಕೆ ಉದ್ಯೋಗ ಅವಕಾಶಗಳು ಹೆಚ್ಚಲಿವೆ. ಇಲ್ಲಿಯವರೆಗೆ ಭಾರತಕ್ಕೆ ಬರುತ್ತಿದ್ದ ಸರಕುಗಳು ವಿದೇಶಿ ಬಂದರುಗಳ ಮೂಲಕವೇ ಬರುತ್ತಿದ್ದವು. ಇನ್ನು ಮುಂದೆ ನೇರವಾಗಿ ನಮ್ಮ ಬಂದರಿಗೆ ಬರಲಿವೆ.

ಪೋರ್ಟ್‌ಗಳ ಮಾಡುವ ಪ್ರಮಾಣವನ್ನು ಹೊಂದಿವೆ. ಅಂದರೆ ಕೇರಳದ ಹೊಸ ಬಂದರು ಹಡಗುಗಳು ನಿಲ್ಲಲು ಒಂದು ಶಿಪ್ಪಿಂಗ್ ಕ್ಲಿಯರ್ ಮಾಡುವುದು ತಾಂತ್ರಿಕವಾಗಿ ಸುಲಭ. ಈ ಹೊಸ ಸೀ ಪೋರ್ಟ್ ಸಿದ್ಧವಾಗಿದೆ. ಕೇರಳದ ವಿಳಿಂಜಮ್ ಇಂಟರ್ನ್ಯಾಷನಲ್ ಸೀ ಪೋರ್ಟ್ ನಿರ್ಮಾಣದಿಂದ ಮೂರು ದೇಶಗಳ ಬಂದರುಗಳಿಗೆ ಸವಾಲು ಎದುರಾಗಲಿದೆ. 1) ಕೊಲಂಬೋ ಪೋರ್ಟ್: ಇಲ್ಲಿಯವರೆಗೆ ಭಾರತಕ್ಕೆ ಬರುತ್ತಿದ್ದ ಹಡಗುಗಳು ಕೊಲಂಬೋದಲ್ಲಿ ನಿಲ್ಲುತ್ತಿದ್ದವು.

ಹೋಗುವ ಸಿಂಗಾಪುರ ಶಿಪ್ಪುಗಳು ಮಧ್ಯೆ ಇನ ಈ ಜೆಬೆಲ್ ಅಲಿ ಪೋರ್ಟ್ ಮೂಲಕ ಹೋಗುತ್ತಿದ್ದವು. 2) ಜೆಬೆಲ್ ಅಲಿ ಪೋರ್ಟ್: ದುಬೈನ ಜೆಬೆಲ್ ಅಲಿ ಬಂದರು ಮಧ್ಯಪ್ರಾಚ್ಯದ ಅತಿ ದೊಡ್ಡ ಬಂದರು. ಭಾರತಕ್ಕೆ ಬರುವ ಹಲವು ಹಡಗುಗಳು ಅಲ್ಲಿಗೆ ಹೋಗುತ್ತಿದ್ದವು. ಇನ್ನು ಮುಂದೆ ಆ ಹಡಗುಗಳು ನೇರವಾಗಿ ಭಾರತಕ್ಕೆ ಬರಲಿವೆ.

– ರಂಗನಾಥ ಮೂಕಳ್ಳಿ
----	--+--	---+
